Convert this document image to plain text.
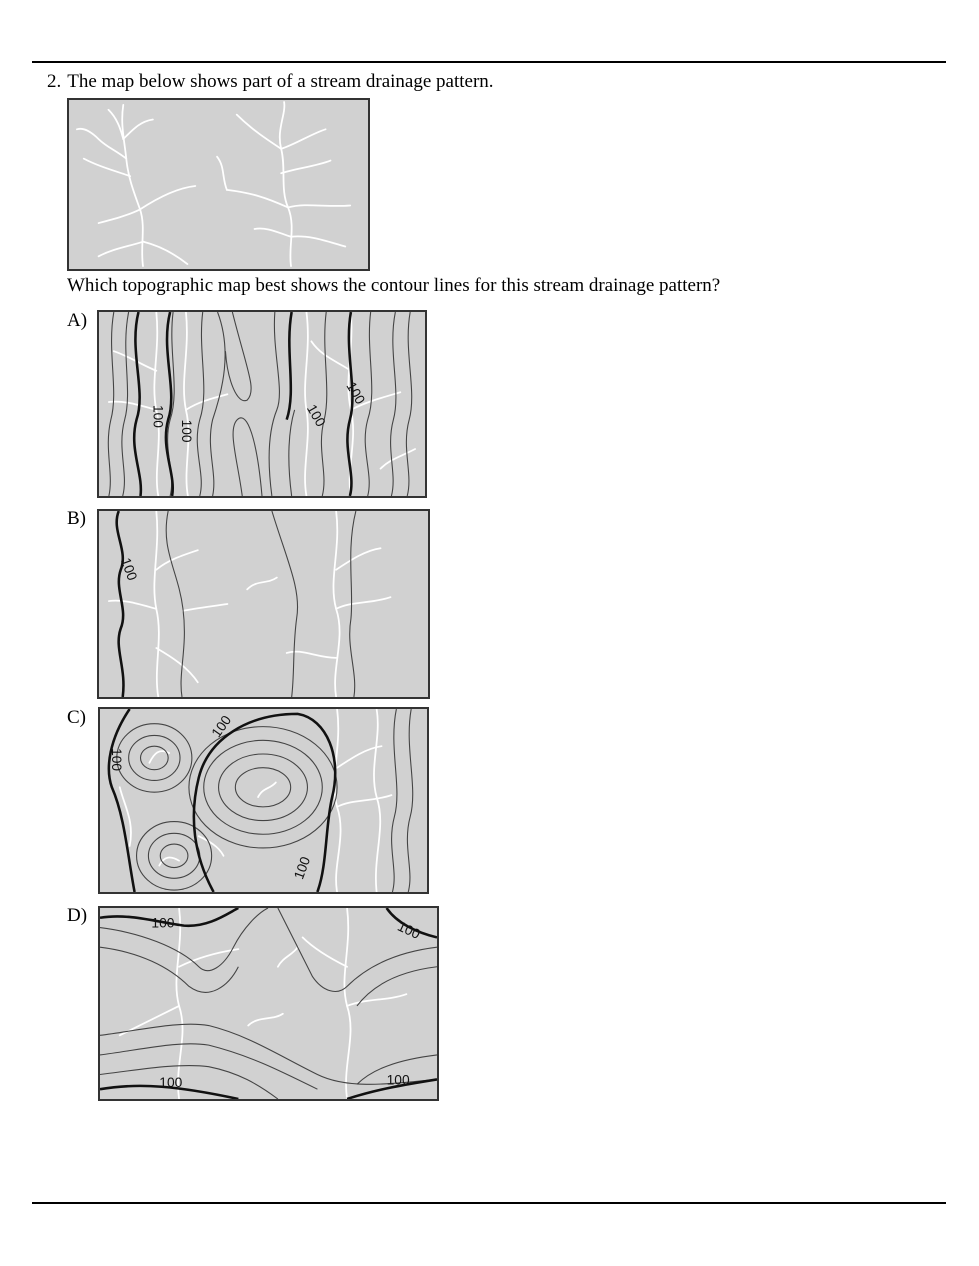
2. The map below shows part of a stream drainage pattern.
Which topographic map best shows the contour lines for this stream drainage pattern?
A)
100
100
100
100
B)
100
C)
100
100
100
D)	100	100
100	100
